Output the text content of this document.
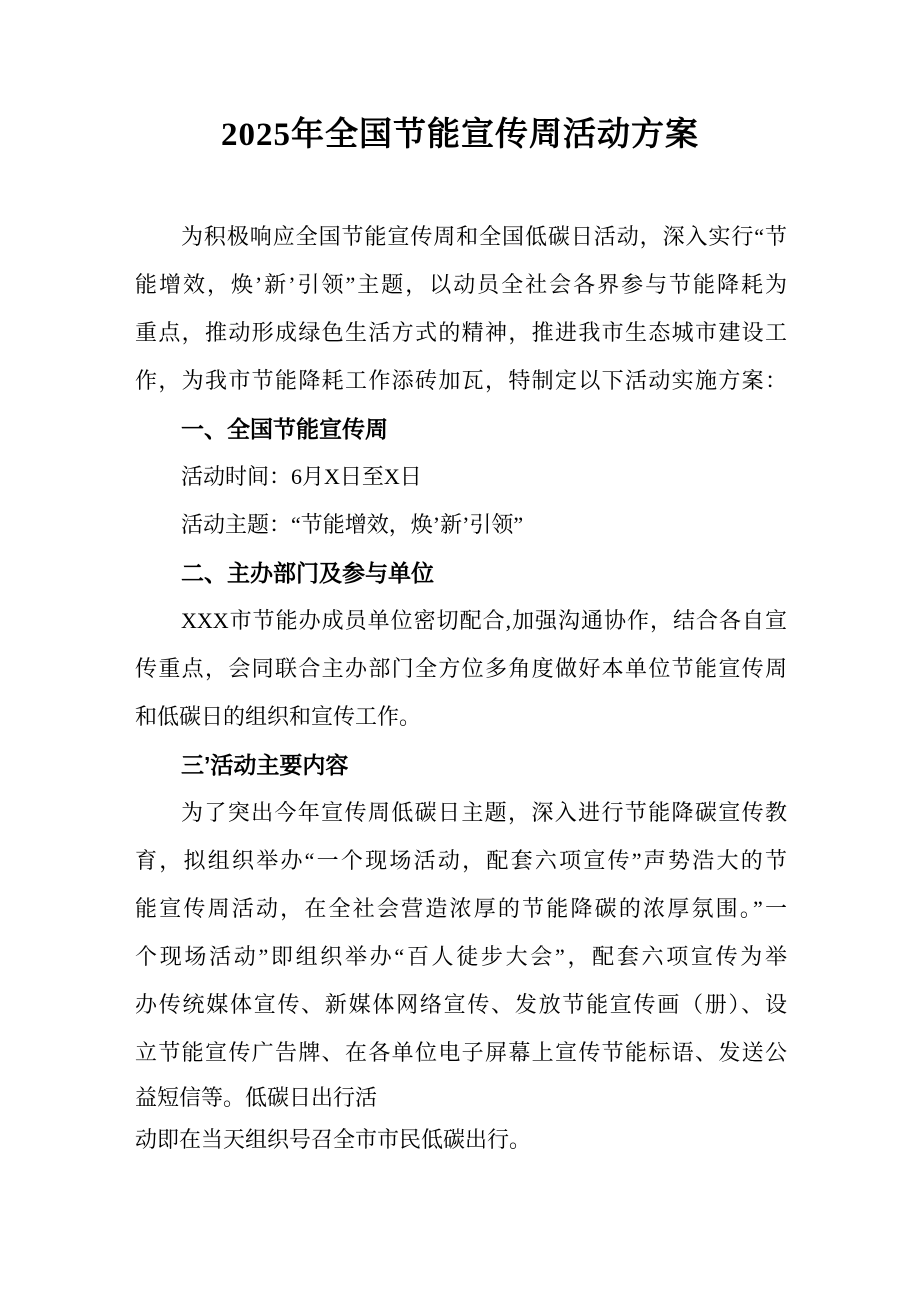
2025年全国节能宣传周活动方案
为积极响应全国节能宣传周和全国低碳日活动，深入实行“节
能增效，焕’新’引领”主题，以动员全社会各界参与节能降耗为
重点，推动形成绿色生活方式的精神，推进我市生态城市建设工
作，为我市节能降耗工作添砖加瓦，特制定以下活动实施方案：
一、全国节能宣传周
活动时间：6月X日至X日
活动主题：“节能增效，焕’新’引领”
二、主办部门及参与单位
XXX市节能办成员单位密切配合,加强沟通协作，结合各自宣
传重点，会同联合主办部门全方位多角度做好本单位节能宣传周
和低碳日的组织和宣传工作。
三’活动主要内容
为了突出今年宣传周低碳日主题，深入进行节能降碳宣传教
育，拟组织举办“一个现场活动，配套六项宣传”声势浩大的节
能宣传周活动，在全社会营造浓厚的节能降碳的浓厚氛围。”一
个现场活动”即组织举办“百人徒步大会”，配套六项宣传为举
办传统媒体宣传、新媒体网络宣传、发放节能宣传画（册）、设
立节能宣传广告牌、在各单位电子屏幕上宣传节能标语、发送公
益短信等。低碳日出行活
动即在当天组织号召全市市民低碳出行。
